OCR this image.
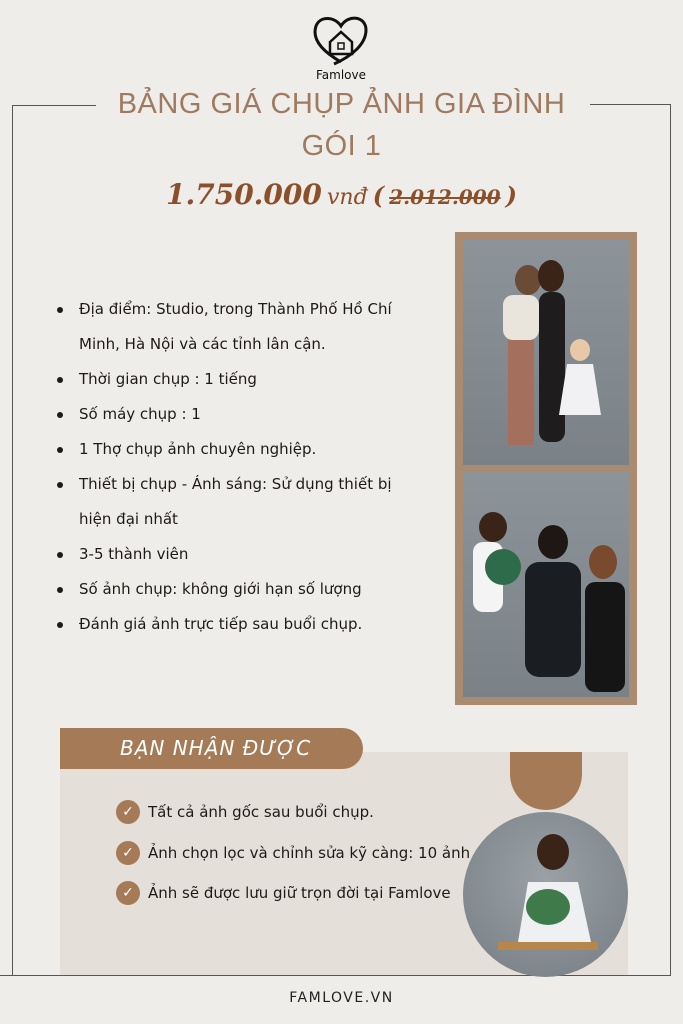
Famlove
BẢNG GIÁ CHỤP ẢNH GIA ĐÌNH
GÓI 1
1.750.000 vnđ ( 2.012.000 )
Địa điểm: Studio, trong Thành Phố Hồ Chí Minh, Hà Nội và các tỉnh lân cận.
Thời gian chụp : 1 tiếng
Số máy chụp : 1
1 Thợ chụp ảnh chuyên nghiệp.
Thiết bị chụp - Ánh sáng: Sử dụng thiết bị hiện đại nhất
3-5 thành viên
Số ảnh chụp: không giới hạn số lượng
Đánh giá ảnh trực tiếp sau buổi chụp.
BẠN NHẬN ĐƯỢC
✓ Tất cả ảnh gốc sau buổi chụp.
✓ Ảnh chọn lọc và chỉnh sửa kỹ càng: 10 ảnh
✓ Ảnh sẽ được lưu giữ trọn đời tại Famlove
FAMLOVE.VN
